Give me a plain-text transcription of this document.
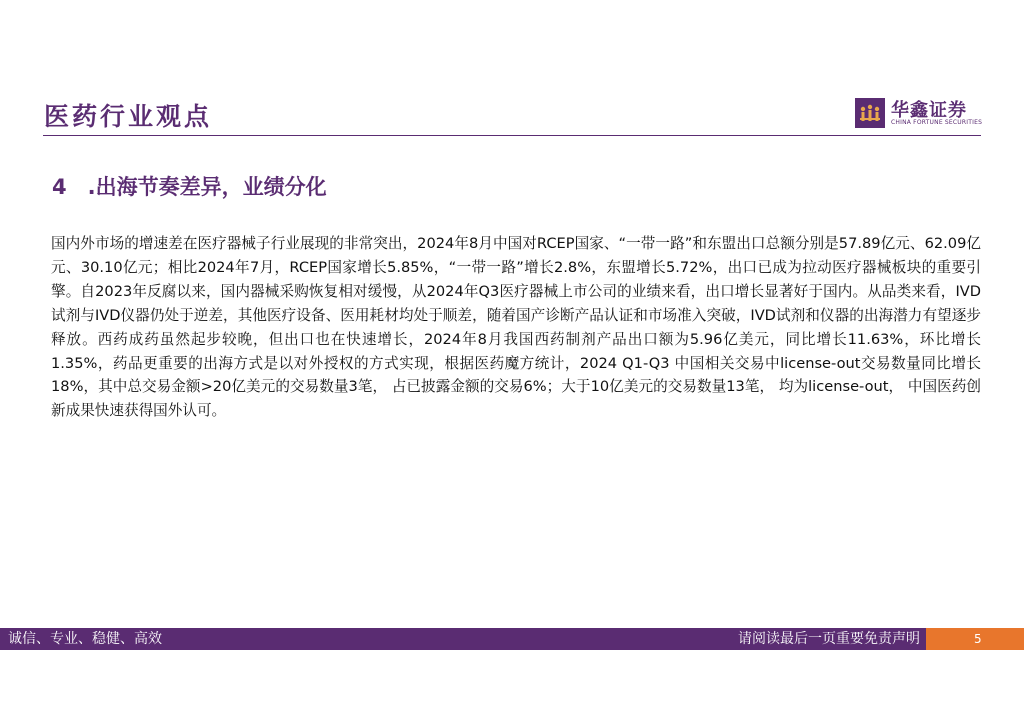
医药行业观点	华鑫证券
CHINA FORTUNE SECURITIES
4　.出海节奏差异，业绩分化

国内外市场的增速差在医疗器械子行业展现的非常突出，2024年8月中国对RCEP国家、“一带一路”和东盟出口总额分别是57.89亿元、62.09亿元、30.10亿元；相比2024年7月，RCEP国家增长5.85%，“一带一路”增长2.8%，东盟增长5.72%，出口已成为拉动医疗器械板块的重要引擎。自2023年反腐以来，国内器械采购恢复相对缓慢，从2024年Q3医疗器械上市公司的业绩来看，出口增长显著好于国内。从品类来看，IVD试剂与IVD仪器仍处于逆差，其他医疗设备、医用耗材均处于顺差，随着国产诊断产品认证和市场准入突破，IVD试剂和仪器的出海潜力有望逐步释放。西药成药虽然起步较晚，但出口也在快速增长，2024年8月我国西药制剂产品出口额为5.96亿美元，同比增长11.63%，环比增长1.35%，药品更重要的出海方式是以对外授权的方式实现，根据医药魔方统计，2024 Q1-Q3 中国相关交易中license-out交易数量同比增长18%，其中总交易金额>20亿美元的交易数量3笔， 占已披露金额的交易6%；大于10亿美元的交易数量13笔， 均为license-out， 中国医药创新成果快速获得国外认可。

诚信、专业、稳健、高效	请阅读最后一页重要免责声明	5
